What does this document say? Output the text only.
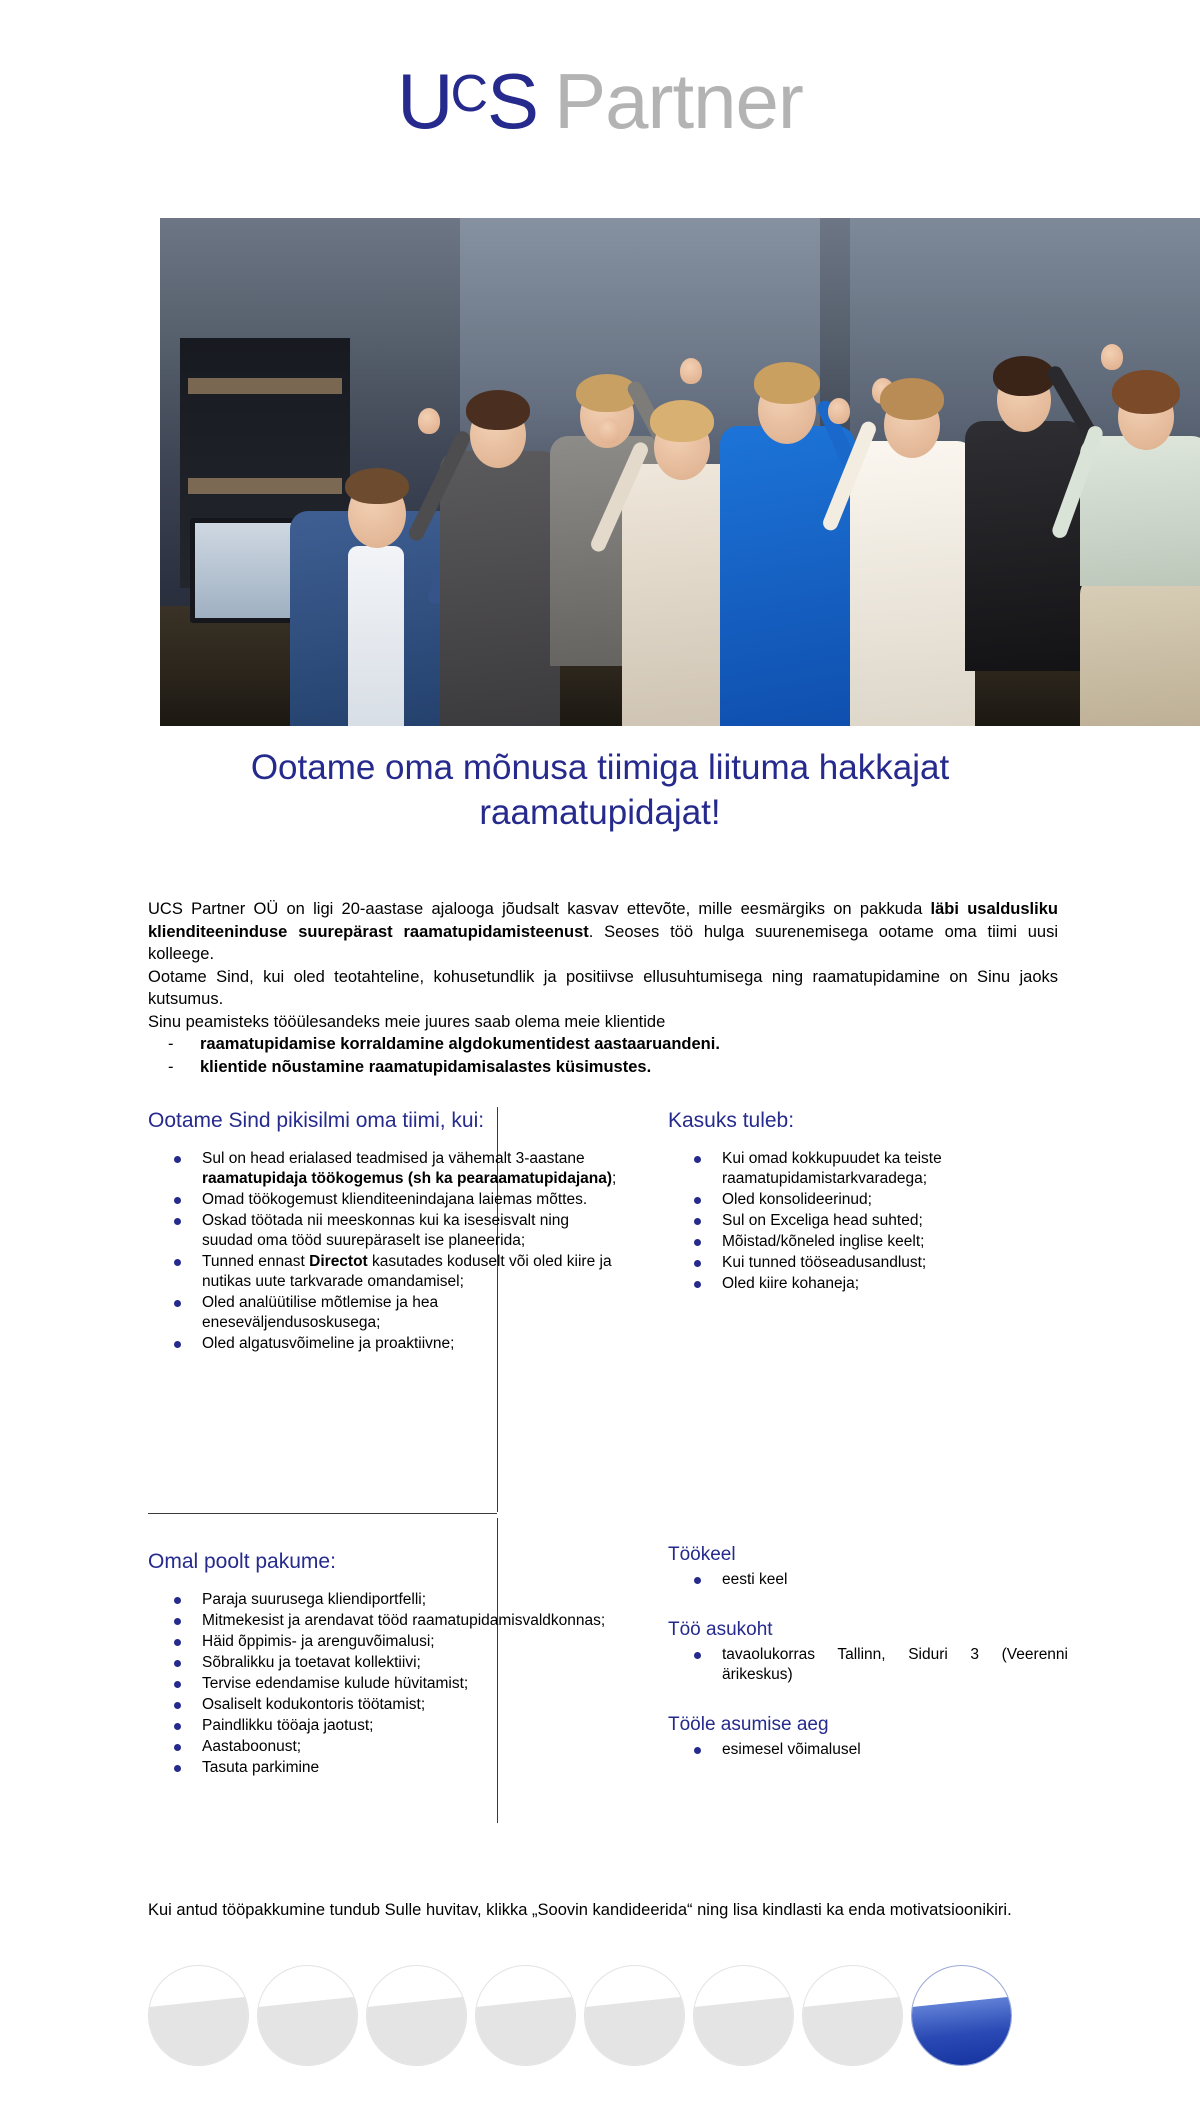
UCS Partner
Ootame oma mõnusa tiimiga liituma hakkajat raamatupidajat!

UCS Partner OÜ on ligi 20-aastase ajalooga jõudsalt kasvav ettevõte, mille eesmärgiks on pakkuda läbi usaldusliku klienditeeninduse suurepärast raamatupidamisteenust. Seoses töö hulga suurenemisega ootame oma tiimi uusi kolleege.

Ootame Sind, kui oled teotahteline, kohusetundlik ja positiivse ellusuhtumisega ning raamatupidamine on Sinu jaoks kutsumus.

Sinu peamisteks tööülesandeks meie juures saab olema meie klientide

- raamatupidamise korraldamine algdokumentidest aastaaruandeni.
- klientide nõustamine raamatupidamisalastes küsimustes.
Ootame Sind pikisilmi oma tiimi, kui:
Sul on head erialased teadmised ja vähemalt 3-aastane raamatupidaja töökogemus (sh ka pearaamatupidajana);
Omad töökogemust klienditeenindajana laiemas mõttes.
Oskad töötada nii meeskonnas kui ka iseseisvalt ning suudad oma tööd suurepäraselt ise planeerida;
Tunned ennast Directot kasutades koduselt või oled kiire ja nutikas uute tarkvarade omandamisel;
Oled analüütilise mõtlemise ja hea eneseväljendusoskusega;
Oled algatusvõimeline ja proaktiivne;
Kasuks tuleb:
Kui omad kokkupuudet ka teiste raamatupidamistarkvaradega;
Oled konsolideerinud;
Sul on Exceliga head suhted;
Mõistad/kõneled inglise keelt;
Kui tunned tööseadusandlust;
Oled kiire kohaneja;
Omal poolt pakume:
Paraja suurusega kliendiportfelli;
Mitmekesist ja arendavat tööd raamatupidamisvaldkonnas;
Häid õppimis- ja arenguvõimalusi;
Sõbralikku ja toetavat kollektiivi;
Tervise edendamise kulude hüvitamist;
Osaliselt kodukontoris töötamist;
Paindlikku tööaja jaotust;
Aastaboonust;
Tasuta parkimine
Töökeel
eesti keel
Töö asukoht
tavaolukorras Tallinn, Siduri 3 (Veerenni ärikeskus)
Tööle asumise aeg
esimesel võimalusel
Kui antud tööpakkumine tundub Sulle huvitav, klikka „Soovin kandideerida“ ning lisa kindlasti ka enda motivatsioonikiri.
